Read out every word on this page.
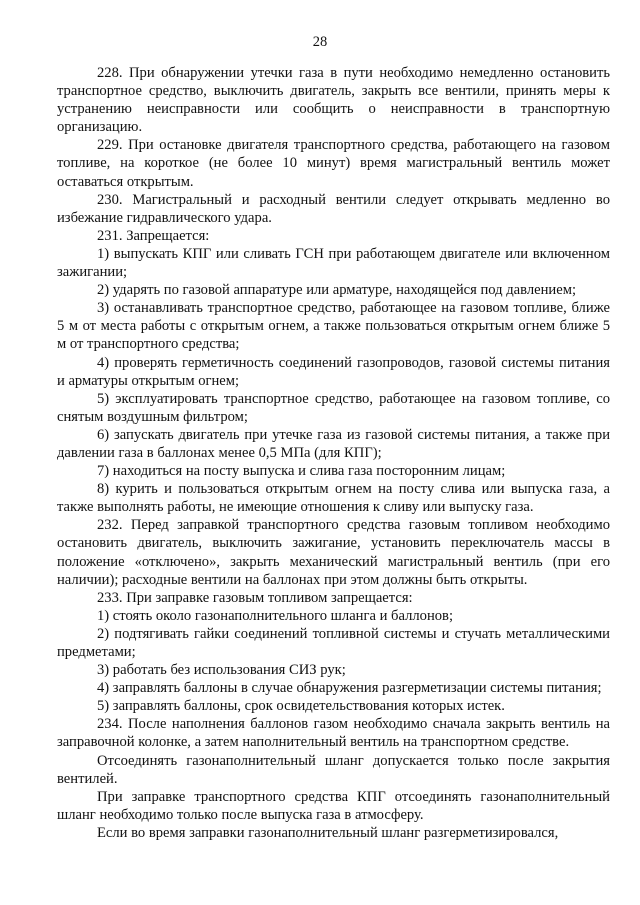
28

228. При обнаружении утечки газа в пути необходимо немедленно остановить транспортное средство, выключить двигатель, закрыть все вентили, принять меры к устранению неисправности или сообщить о неисправности в транспортную организацию.

229. При остановке двигателя транспортного средства, работающего на газовом топливе, на короткое (не более 10 минут) время магистральный вентиль может оставаться открытым.

230. Магистральный и расходный вентили следует открывать медленно во избежание гидравлического удара.

231. Запрещается:

1) выпускать КПГ или сливать ГСН при работающем двигателе или включенном зажигании;

2) ударять по газовой аппаратуре или арматуре, находящейся под давлением;

3) останавливать транспортное средство, работающее на газовом топливе, ближе 5 м от места работы с открытым огнем, а также пользоваться открытым огнем ближе 5 м от транспортного средства;

4) проверять герметичность соединений газопроводов, газовой системы питания и арматуры открытым огнем;

5) эксплуатировать транспортное средство, работающее на газовом топливе, со снятым воздушным фильтром;

6) запускать двигатель при утечке газа из газовой системы питания, а также при давлении газа в баллонах менее 0,5 МПа (для КПГ);

7) находиться на посту выпуска и слива газа посторонним лицам;

8) курить и пользоваться открытым огнем на посту слива или выпуска газа, а также выполнять работы, не имеющие отношения к сливу или выпуску газа.

232. Перед заправкой транспортного средства газовым топливом необходимо остановить двигатель, выключить зажигание, установить переключатель массы в положение «отключено», закрыть механический магистральный вентиль (при его наличии); расходные вентили на баллонах при этом должны быть открыты.

233. При заправке газовым топливом запрещается:

1) стоять около газонаполнительного шланга и баллонов;

2) подтягивать гайки соединений топливной системы и стучать металлическими предметами;

3) работать без использования СИЗ рук;

4) заправлять баллоны в случае обнаружения разгерметизации системы питания;

5) заправлять баллоны, срок освидетельствования которых истек.

234. После наполнения баллонов газом необходимо сначала закрыть вентиль на заправочной колонке, а затем наполнительный вентиль на транспортном средстве.

Отсоединять газонаполнительный шланг допускается только после закрытия вентилей.

При заправке транспортного средства КПГ отсоединять газонаполнительный шланг необходимо только после выпуска газа в атмосферу.

Если во время заправки газонаполнительный шланг разгерметизировался,
